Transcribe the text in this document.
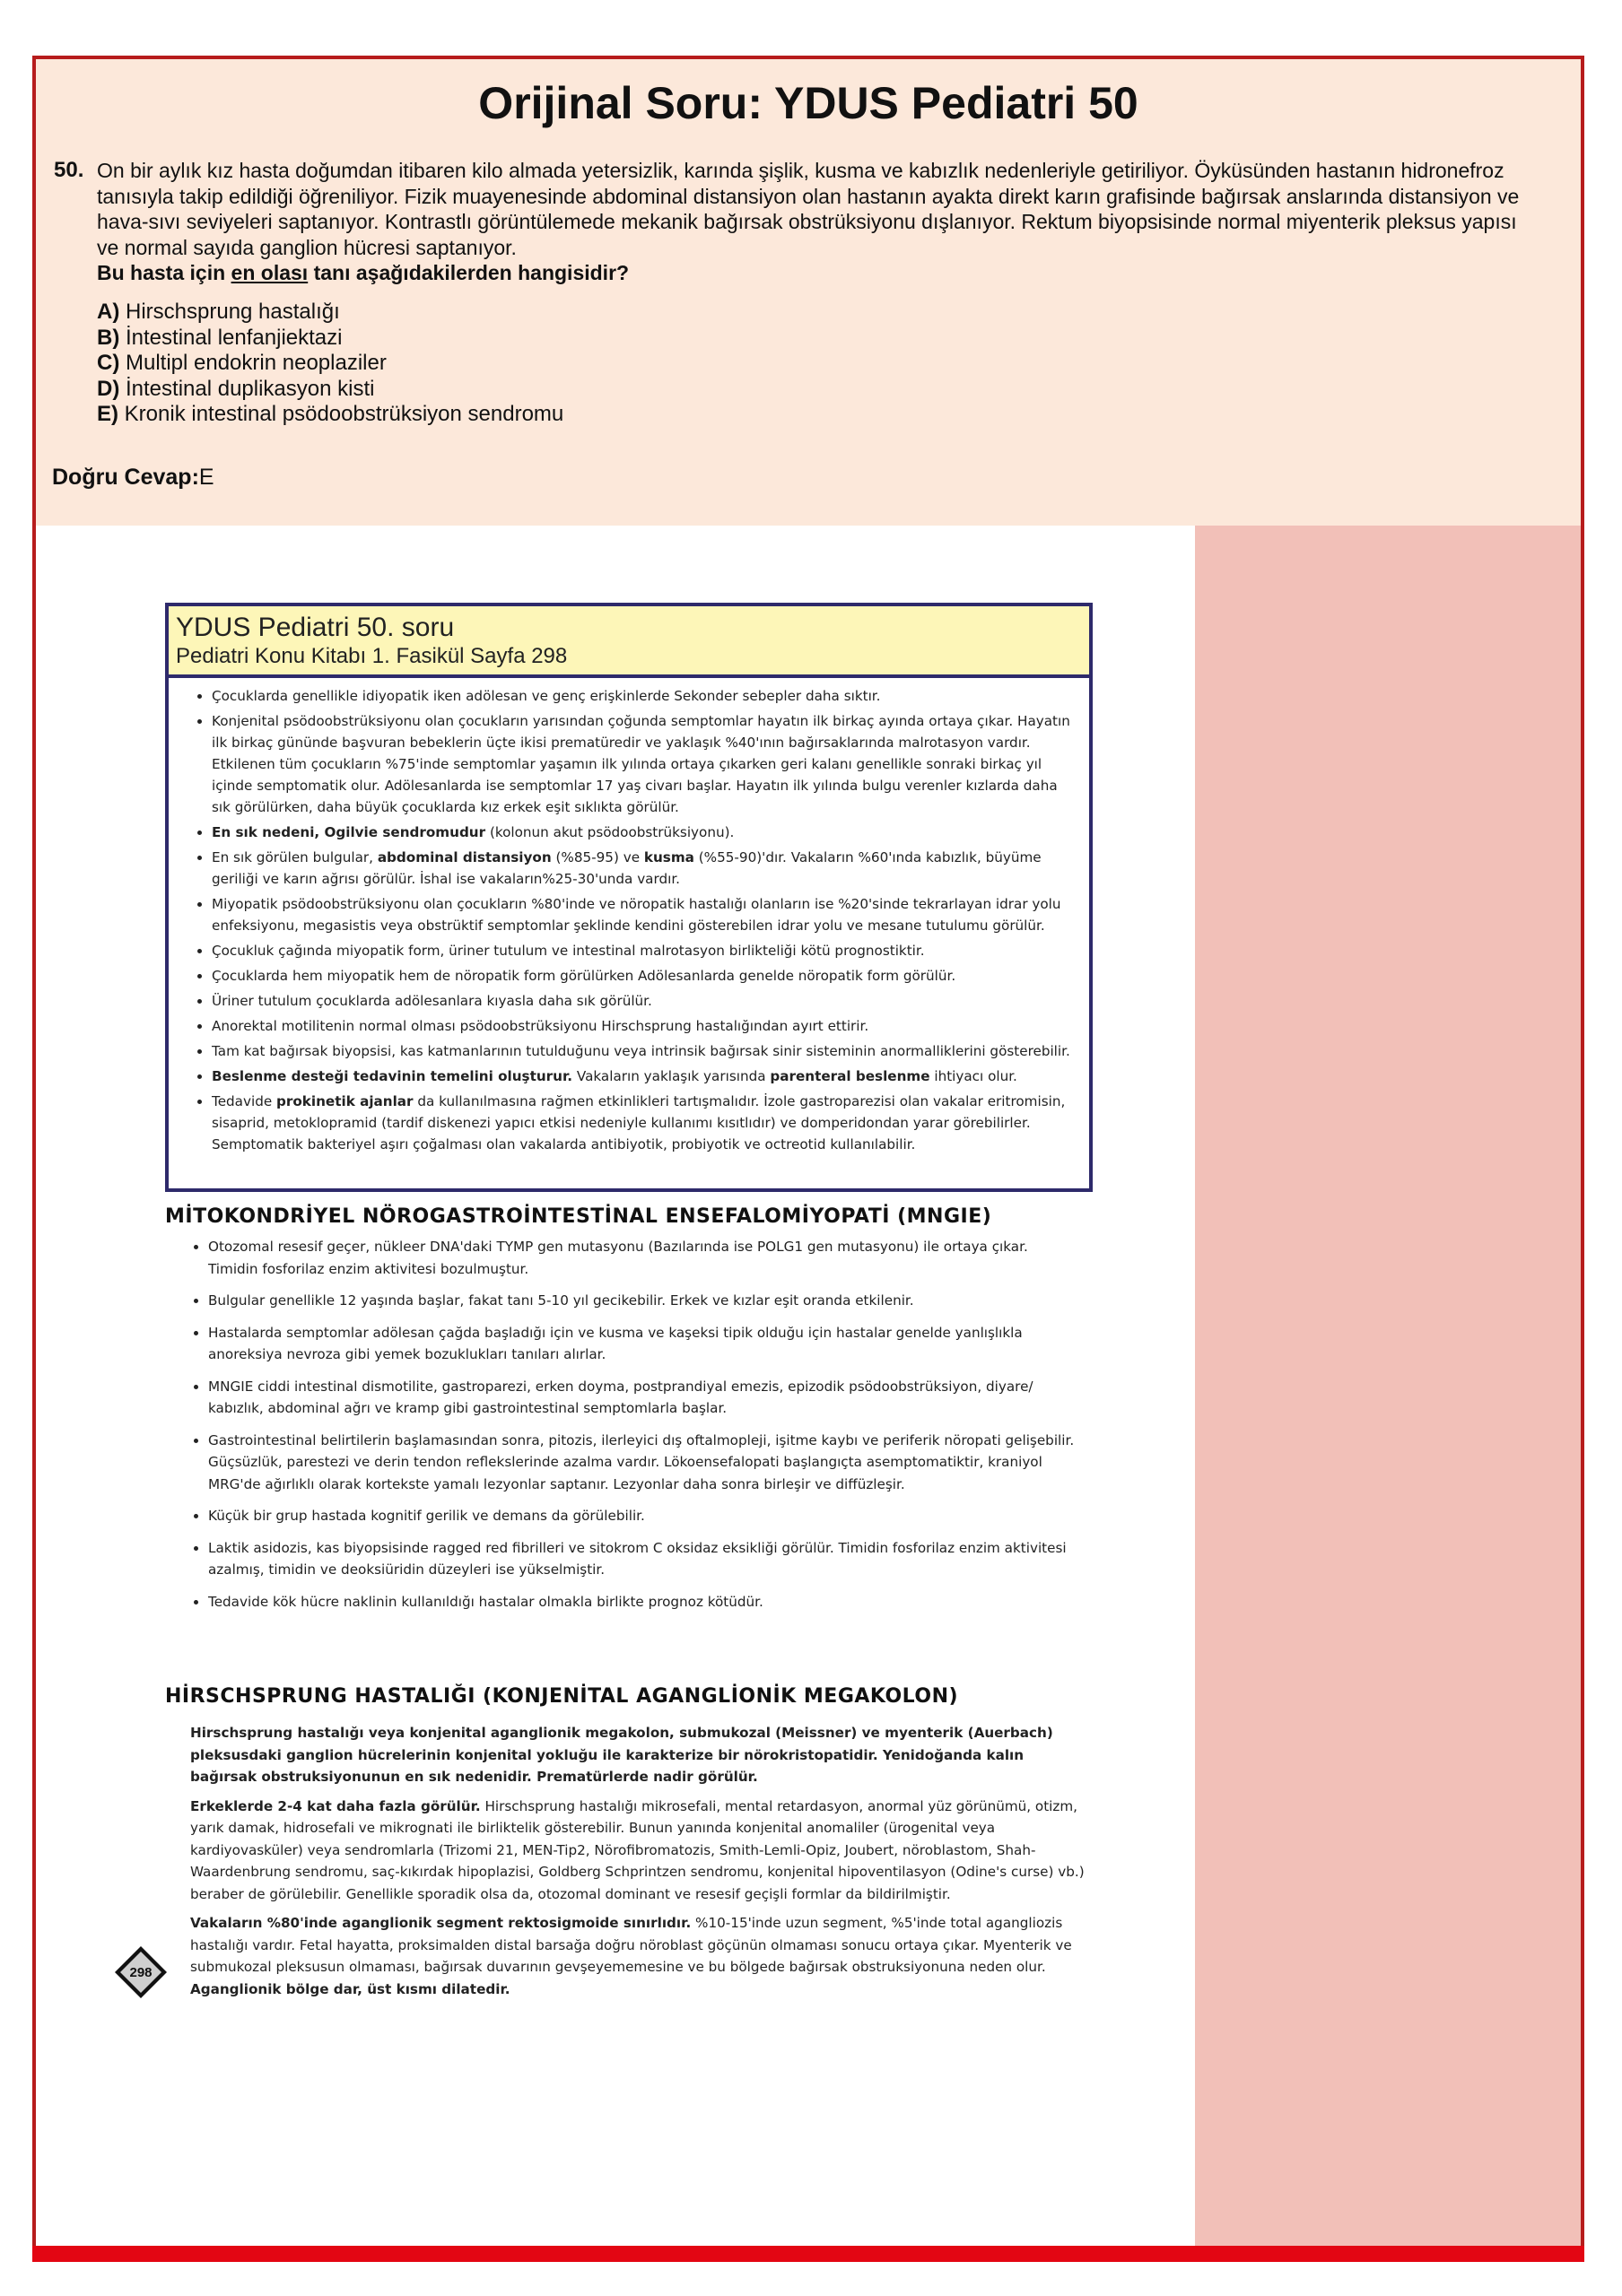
Orijinal Soru: YDUS Pediatri 50
50. On bir aylık kız hasta doğumdan itibaren kilo almada yetersizlik, karında şişlik, kusma ve kabızlık nedenleriyle getiriliyor. Öyküsünden hastanın hidronefroz tanısıyla takip edildiği öğreniliyor. Fizik muayenesinde abdominal distansiyon olan hastanın ayakta direkt karın grafisinde bağırsak anslarında distansiyon ve hava-sıvı seviyeleri saptanıyor. Kontrastlı görüntülemede mekanik bağırsak obstrüksiyonu dışlanıyor. Rektum biyopsisinde normal miyenterik pleksus yapısı ve normal sayıda ganglion hücresi saptanıyor.
Bu hasta için en olası tanı aşağıdakilerden hangisidir?
A) Hirschsprung hastalığı
B) İntestinal lenfanjiektazi
C) Multipl endokrin neoplaziler
D) İntestinal duplikasyon kisti
E) Kronik intestinal psödoobstrüksiyon sendromu
Doğru Cevap:E
YDUS Pediatri 50. soru
Pediatri Konu Kitabı 1. Fasikül Sayfa 298
• Çocuklarda genellikle idiyopatik iken adölesan ve genç erişkinlerde Sekonder sebepler daha sıktır.
• Konjenital psödoobstrüksiyonu olan çocukların yarısından çoğunda semptomlar hayatın ilk birkaç ayında ortaya çıkar. Hayatın ilk birkaç gününde başvuran bebeklerin üçte ikisi prematüredir ve yaklaşık %40'ının bağırsaklarında malrotasyon vardır. Etkilenen tüm çocukların %75'inde semptomlar yaşamın ilk yılında ortaya çıkarken geri kalanı genellikle sonraki birkaç yıl içinde semptomatik olur. Adölesanlarda ise semptomlar 17 yaş civarı başlar. Hayatın ilk yılında bulgu verenler kızlarda daha sık görülürken, daha büyük çocuklarda kız erkek eşit sıklıkta görülür.
• En sık nedeni, Ogilvie sendromudur (kolonun akut psödoobstrüksiyonu).
• En sık görülen bulgular, abdominal distansiyon (%85-95) ve kusma (%55-90)'dır. Vakaların %60'ında kabızlık, büyüme geriliği ve karın ağrısı görülür. İshal ise vakaların%25-30'unda vardır.
• Miyopatik psödoobstrüksiyonu olan çocukların %80'inde ve nöropatik hastalığı olanların ise %20'sinde tekrarlayan idrar yolu enfeksiyonu, megasistis veya obstrüktif semptomlar şeklinde kendini gösterebilen idrar yolu ve mesane tutulumu görülür.
• Çocukluk çağında miyopatik form, üriner tutulum ve intestinal malrotasyon birlikteliği kötü prognostiktir.
• Çocuklarda hem miyopatik hem de nöropatik form görülürken Adölesanlarda genelde nöropatik form görülür.
• Üriner tutulum çocuklarda adölesanlara kıyasla daha sık görülür.
• Anorektal motilitenin normal olması psödoobstrüksiyonu Hirschsprung hastalığından ayırt ettirir.
• Tam kat bağırsak biyopsisi, kas katmanlarının tutulduğunu veya intrinsik bağırsak sinir sisteminin anormalliklerini gösterebilir.
• Beslenme desteği tedavinin temelini oluşturur. Vakaların yaklaşık yarısında parenteral beslenme ihtiyacı olur.
• Tedavide prokinetik ajanlar da kullanılmasına rağmen etkinlikleri tartışmalıdır. İzole gastroparezisi olan vakalar eritromisin, sisaprid, metoklopramid (tardif diskenezi yapıcı etkisi nedeniyle kullanımı kısıtlıdır) ve domperidondan yarar görebilirler. Semptomatik bakteriyel aşırı çoğalması olan vakalarda antibiyotik, probiyotik ve octreotid kullanılabilir.
MİTOKONDRİYEL NÖROGASTROİNTESTİNAL ENSEFALOMİYOPATİ (MNGIE)
• Otozomal resesif geçer, nükleer DNA'daki TYMP gen mutasyonu (Bazılarında ise POLG1 gen mutasyonu) ile ortaya çıkar. Timidin fosforilaz enzim aktivitesi bozulmuştur.
• Bulgular genellikle 12 yaşında başlar, fakat tanı 5-10 yıl gecikebilir. Erkek ve kızlar eşit oranda etkilenir.
• Hastalarda semptomlar adölesan çağda başladığı için ve kusma ve kaşeksi tipik olduğu için hastalar genelde yanlışlıkla anoreksiya nevroza gibi yemek bozuklukları tanıları alırlar.
• MNGIE ciddi intestinal dismotilite, gastroparezi, erken doyma, postprandiyal emezis, epizodik psödoobstrüksiyon, diyare/ kabızlık, abdominal ağrı ve kramp gibi gastrointestinal semptomlarla başlar.
• Gastrointestinal belirtilerin başlamasından sonra, pitozis, ilerleyici dış oftalmopleji, işitme kaybı ve periferik nöropati gelişebilir. Güçsüzlük, parestezi ve derin tendon reflekslerinde azalma vardır. Lökoensefalopati başlangıçta asemptomatiktir, kraniyol MRG'de ağırlıklı olarak kortekste yamalı lezyonlar saptanır. Lezyonlar daha sonra birleşir ve diffüzleşir.
• Küçük bir grup hastada kognitif gerilik ve demans da görülebilir.
• Laktik asidozis, kas biyopsisinde ragged red fibrilleri ve sitokrom C oksidaz eksikliği görülür. Timidin fosforilaz enzim aktivitesi azalmış, timidin ve deoksiüridin düzeyleri ise yükselmiştir.
• Tedavide kök hücre naklinin kullanıldığı hastalar olmakla birlikte prognoz kötüdür.
HİRSCHSPRUNG HASTALIĞI (KONJENİTAL AGANGLİONİK MEGAKOLON)

Hirschsprung hastalığı veya konjenital aganglionik megakolon, submukozal (Meissner) ve myenterik (Auerbach) pleksusdaki ganglion hücrelerinin konjenital yokluğu ile karakterize bir nörokristopatidir. Yenidoğanda kalın bağırsak obstruksiyonunun en sık nedenidir. Prematürlerde nadir görülür.

Erkeklerde 2-4 kat daha fazla görülür. Hirschsprung hastalığı mikrosefali, mental retardasyon, anormal yüz görünümü, otizm, yarık damak, hidrosefali ve mikrognati ile birliktelik gösterebilir. Bunun yanında konjenital anomaliler (ürogenital veya kardiyovasküler) veya sendromlarla (Trizomi 21, MEN-Tip2, Nörofibromatozis, Smith-Lemli-Opiz, Joubert, nöroblastom, Shah-Waardenbrung sendromu, saç-kıkırdak hipoplazisi, Goldberg Schprintzen sendromu, konjenital hipoventilasyon (Odine's curse) vb.) beraber de görülebilir. Genellikle sporadik olsa da, otozomal dominant ve resesif geçişli formlar da bildirilmiştir.

Vakaların %80'inde aganglionik segment rektosigmoide sınırlıdır. %10-15'inde uzun segment, %5'inde total agangliozis hastalığı vardır. Fetal hayatta, proksimalden distal barsağa doğru nöroblast göçünün olmaması sonucu ortaya çıkar. Myenterik ve submukozal pleksusun olmaması, bağırsak duvarının gevşeyememesine ve bu bölgede bağırsak obstruksiyonuna neden olur. Aganglionik bölge dar, üst kısmı dilatedir.

298
